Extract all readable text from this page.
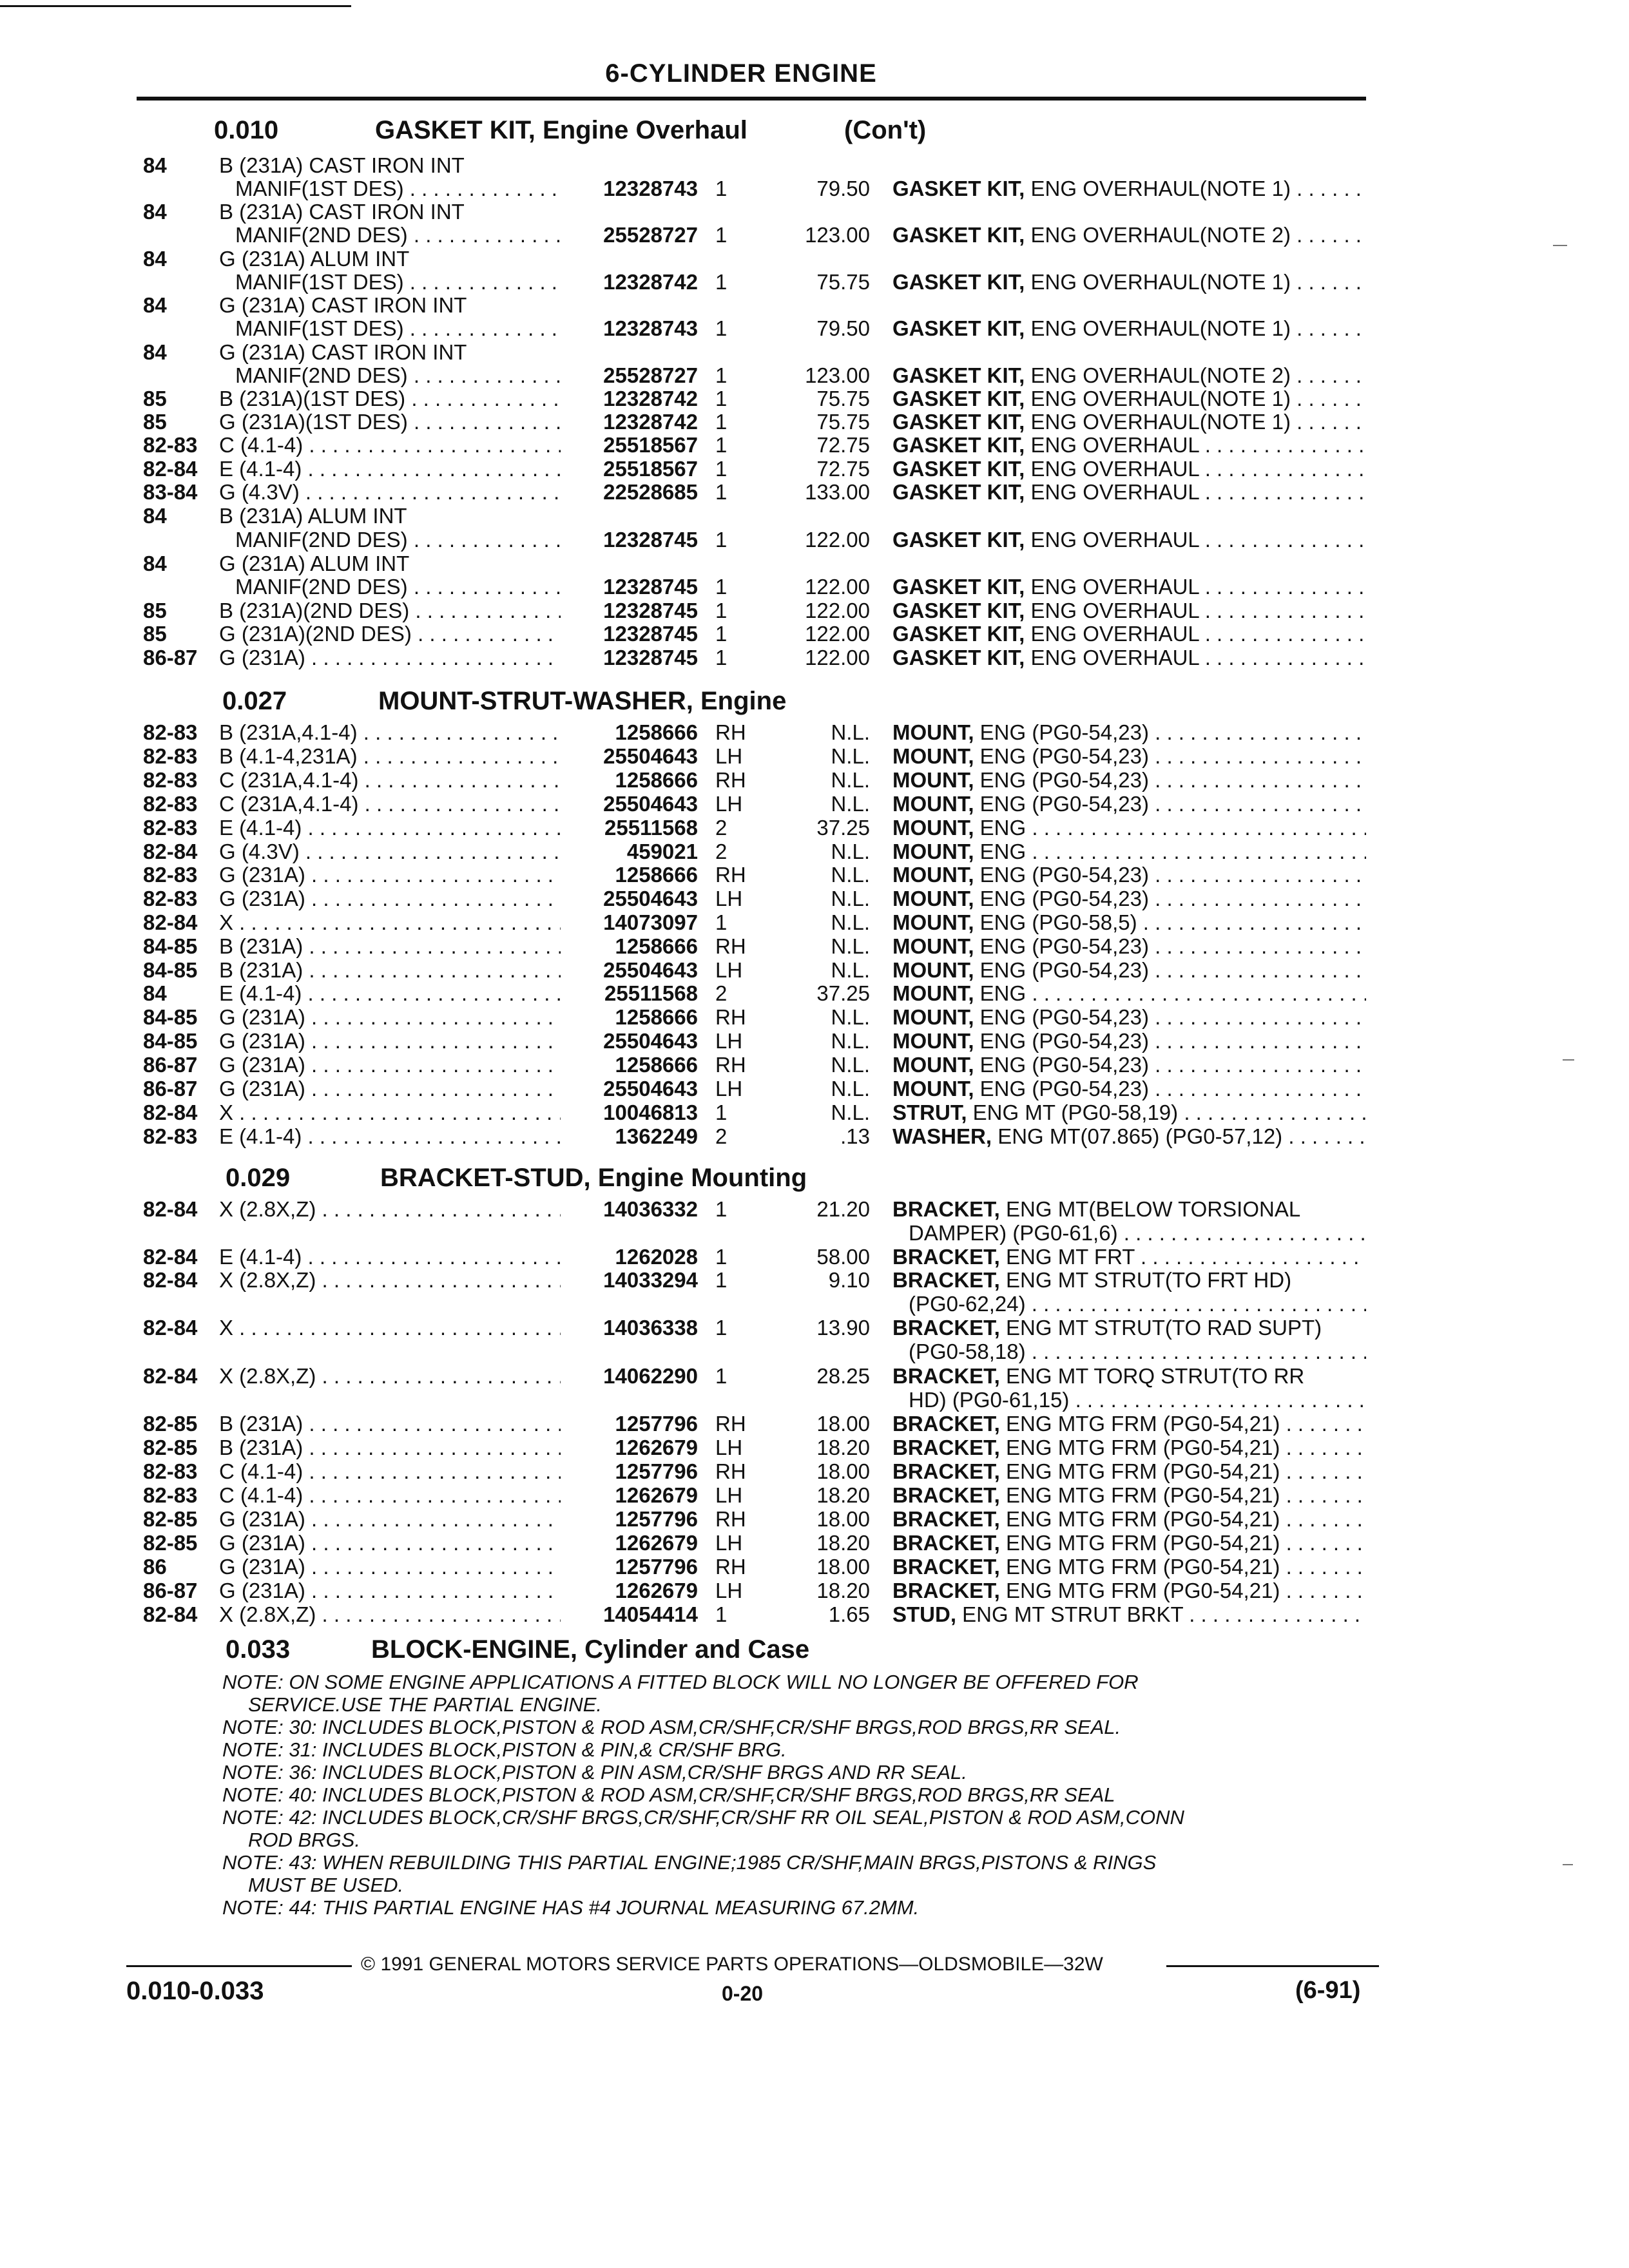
6-CYLINDER ENGINE
0.010	GASKET KIT, Engine Overhaul	(Con't)
0.027	MOUNT-STRUT-WASHER, Engine
0.029	BRACKET-STUD, Engine Mounting
0.033	BLOCK-ENGINE, Cylinder and Case
84 B (231A) CAST IRON INT
MANIF(1ST DES) . . .	12328743 1	79.50 GASKET KIT, ENG OVERHAUL(NOTE 1) . . .
84 B (231A) CAST IRON INT
MANIF(2ND DES) . . .	25528727 1	123.00 GASKET KIT, ENG OVERHAUL(NOTE 2) . . .
84 G (231A) ALUM INT
MANIF(1ST DES) . . .	12328742 1	75.75 GASKET KIT, ENG OVERHAUL(NOTE 1) . . .
84 G (231A) CAST IRON INT
MANIF(1ST DES) . . .	12328743 1	79.50 GASKET KIT, ENG OVERHAUL(NOTE 1) . . .
84 G (231A) CAST IRON INT
MANIF(2ND DES) . . .	25528727 1	123.00 GASKET KIT, ENG OVERHAUL(NOTE 2) . . .
85 B (231A)(1ST DES) . . .	12328742 1	75.75 GASKET KIT, ENG OVERHAUL(NOTE 1) . . .
85 G (231A)(1ST DES) . . .	12328742 1	75.75 GASKET KIT, ENG OVERHAUL(NOTE 1) . . .
82-83 C (4.1-4) . . .	25518567 1	72.75 GASKET KIT, ENG OVERHAUL . . .
82-84 E (4.1-4) . . .	25518567 1	72.75 GASKET KIT, ENG OVERHAUL . . .
83-84 G (4.3V) . . .	22528685 1	133.00 GASKET KIT, ENG OVERHAUL . . .
84 B (231A) ALUM INT
MANIF(2ND DES) . . .	12328745 1	122.00 GASKET KIT, ENG OVERHAUL . . .
84 G (231A) ALUM INT
MANIF(2ND DES) . . .	12328745 1	122.00 GASKET KIT, ENG OVERHAUL . . .
85 B (231A)(2ND DES) . . .	12328745 1	122.00 GASKET KIT, ENG OVERHAUL . . .
85 G (231A)(2ND DES) . . .	12328745 1	122.00 GASKET KIT, ENG OVERHAUL . . .
86-87 G (231A) . . .	12328745 1	122.00 GASKET KIT, ENG OVERHAUL . . .
82-83 B (231A,4.1-4) . . .	1258666 RH	N.L. MOUNT, ENG (PG0-54,23) . . .
82-83 B (4.1-4,231A) . . .	25504643 LH	N.L. MOUNT, ENG (PG0-54,23) . . .
82-83 C (231A,4.1-4) . . .	1258666 RH	N.L. MOUNT, ENG (PG0-54,23) . . .
82-83 C (231A,4.1-4) . . .	25504643 LH	N.L. MOUNT, ENG (PG0-54,23) . . .
82-83 E (4.1-4) . . .	25511568 2	37.25 MOUNT, ENG . . .
82-84 G (4.3V) . . .	459021 2	N.L. MOUNT, ENG . . .
82-83 G (231A) . . .	1258666 RH	N.L. MOUNT, ENG (PG0-54,23) . . .
82-83 G (231A) . . .	25504643 LH	N.L. MOUNT, ENG (PG0-54,23) . . .
82-84 X . . .	14073097 1	N.L. MOUNT, ENG (PG0-58,5) . . .
84-85 B (231A) . . .	1258666 RH	N.L. MOUNT, ENG (PG0-54,23) . . .
84-85 B (231A) . . .	25504643 LH	N.L. MOUNT, ENG (PG0-54,23) . . .
84 E (4.1-4) . . .	25511568 2	37.25 MOUNT, ENG . . .
84-85 G (231A) . . .	1258666 RH	N.L. MOUNT, ENG (PG0-54,23) . . .
84-85 G (231A) . . .	25504643 LH	N.L. MOUNT, ENG (PG0-54,23) . . .
86-87 G (231A) . . .	1258666 RH	N.L. MOUNT, ENG (PG0-54,23) . . .
86-87 G (231A) . . .	25504643 LH	N.L. MOUNT, ENG (PG0-54,23) . . .
82-84 X . . .	10046813 1	N.L. STRUT, ENG MT (PG0-58,19) . . .
82-83 E (4.1-4) . . .	1362249 2	.13 WASHER, ENG MT(07.865) (PG0-57,12) . . .
82-84 X (2.8X,Z) . . .	14036332 1	21.20 BRACKET, ENG MT(BELOW TORSIONAL
DAMPER) (PG0-61,6) . . .
82-84 E (4.1-4) . . .	1262028 1	58.00 BRACKET, ENG MT FRT . . .
82-84 X (2.8X,Z) . . .	14033294 1	9.10 BRACKET, ENG MT STRUT(TO FRT HD)
(PG0-62,24) . . .
82-84 X . . .	14036338 1	13.90 BRACKET, ENG MT STRUT(TO RAD SUPT)
(PG0-58,18) . . .
82-84 X (2.8X,Z) . . .	14062290 1	28.25 BRACKET, ENG MT TORQ STRUT(TO RR
HD) (PG0-61,15) . . .
82-85 B (231A) . . .	1257796 RH	18.00 BRACKET, ENG MTG FRM (PG0-54,21) . . .
82-85 B (231A) . . .	1262679 LH	18.20 BRACKET, ENG MTG FRM (PG0-54,21) . . .
82-83 C (4.1-4) . . .	1257796 RH	18.00 BRACKET, ENG MTG FRM (PG0-54,21) . . .
82-83 C (4.1-4) . . .	1262679 LH	18.20 BRACKET, ENG MTG FRM (PG0-54,21) . . .
82-85 G (231A) . . .	1257796 RH	18.00 BRACKET, ENG MTG FRM (PG0-54,21) . . .
82-85 G (231A) . . .	1262679 LH	18.20 BRACKET, ENG MTG FRM (PG0-54,21) . . .
86 G (231A) . . .	1257796 RH	18.00 BRACKET, ENG MTG FRM (PG0-54,21) . . .
86-87 G (231A) . . .	1262679 LH	18.20 BRACKET, ENG MTG FRM (PG0-54,21) . . .
82-84 X (2.8X,Z) . . .	14054414 1	1.65 STUD, ENG MT STRUT BRKT . . .
NOTE: ON SOME ENGINE APPLICATIONS A FITTED BLOCK WILL NO LONGER BE OFFERED FOR
SERVICE.USE THE PARTIAL ENGINE.
NOTE: 30: INCLUDES BLOCK,PISTON & ROD ASM,CR/SHF,CR/SHF BRGS,ROD BRGS,RR SEAL.
NOTE: 31: INCLUDES BLOCK,PISTON & PIN,& CR/SHF BRG.
NOTE: 36: INCLUDES BLOCK,PISTON & PIN ASM,CR/SHF BRGS AND RR SEAL.
NOTE: 40: INCLUDES BLOCK,PISTON & ROD ASM,CR/SHF,CR/SHF BRGS,ROD BRGS,RR SEAL
NOTE: 42: INCLUDES BLOCK,CR/SHF BRGS,CR/SHF,CR/SHF RR OIL SEAL,PISTON & ROD ASM,CONN
ROD BRGS.
NOTE: 43: WHEN REBUILDING THIS PARTIAL ENGINE;1985 CR/SHF,MAIN BRGS,PISTONS & RINGS
MUST BE USED.
NOTE: 44: THIS PARTIAL ENGINE HAS #4 JOURNAL MEASURING 67.2MM.
© 1991 GENERAL MOTORS SERVICE PARTS OPERATIONS—OLDSMOBILE—32W
0.010-0.033	0-20	(6-91)
